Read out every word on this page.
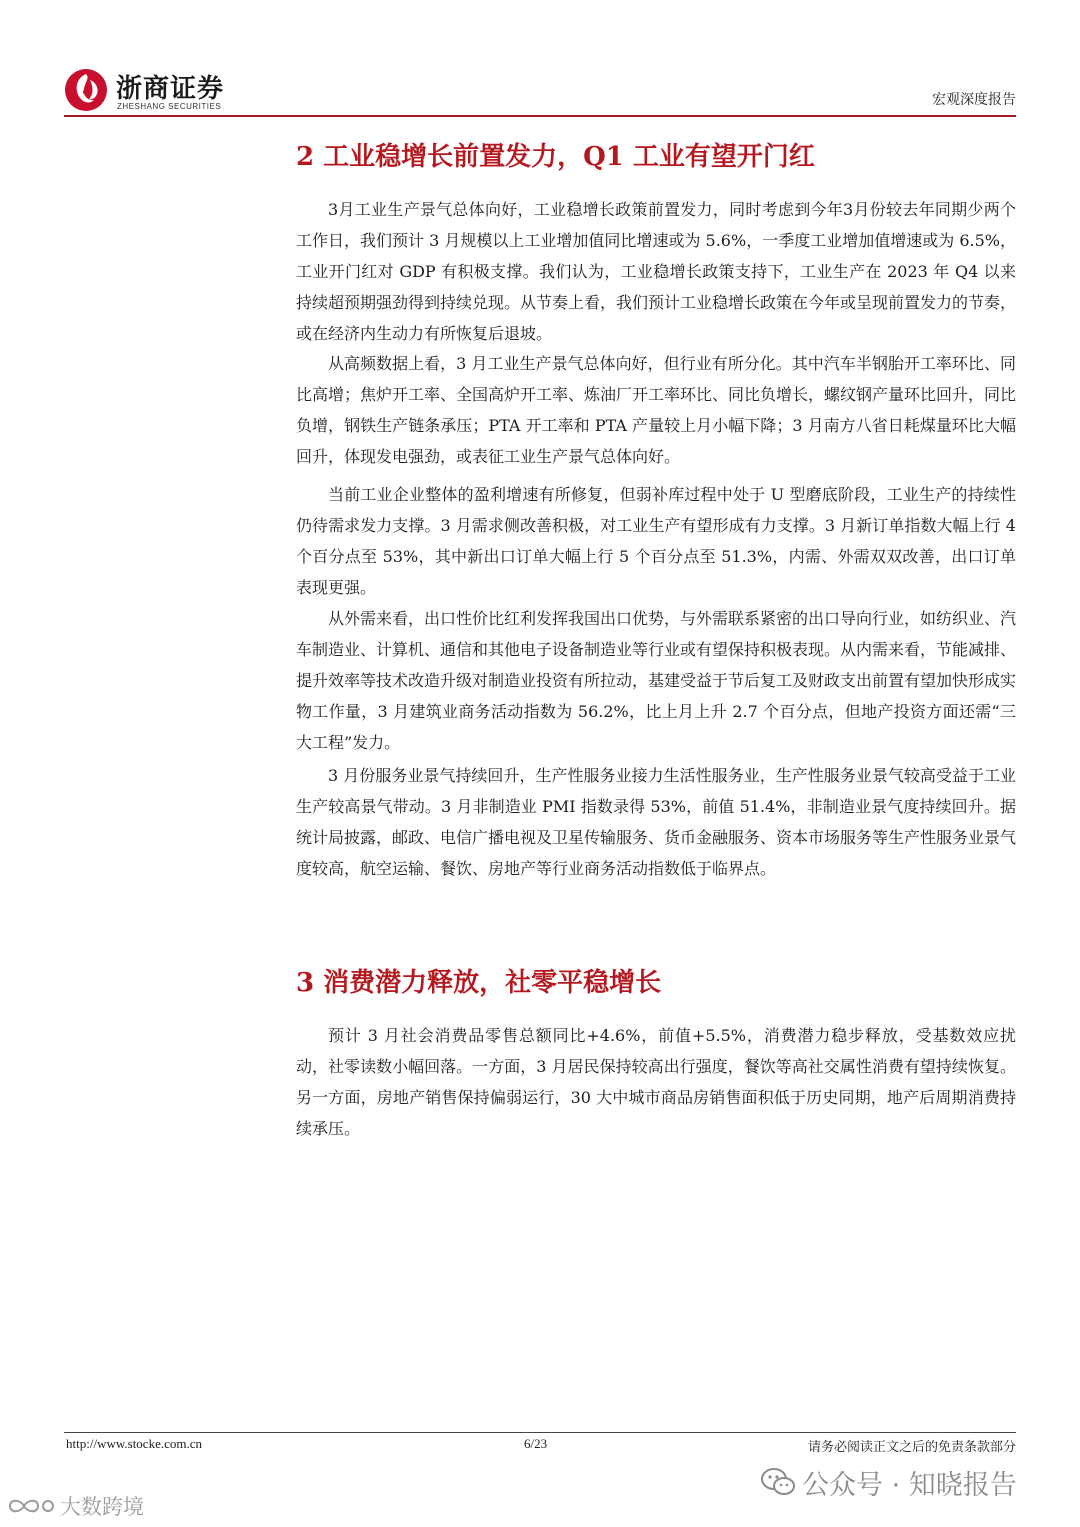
浙商证券
ZHESHANG SECURITIES	宏观深度报告
2 工业稳增长前置发力，Q1 工业有望开门红

3月工业生产景气总体向好，工业稳增长政策前置发力，同时考虑到今年3月份较去年同期少两个工作日，我们预计 3 月规模以上工业增加值同比增速或为 5.6%，一季度工业增加值增速或为 6.5%，工业开门红对 GDP 有积极支撑。我们认为，工业稳增长政策支持下，工业生产在 2023 年 Q4 以来持续超预期强劲得到持续兑现。从节奏上看，我们预计工业稳增长政策在今年或呈现前置发力的节奏，或在经济内生动力有所恢复后退坡。

从高频数据上看，3 月工业生产景气总体向好，但行业有所分化。其中汽车半钢胎开工率环比、同比高增；焦炉开工率、全国高炉开工率、炼油厂开工率环比、同比负增长，螺纹钢产量环比回升，同比负增，钢铁生产链条承压；PTA 开工率和 PTA 产量较上月小幅下降；3 月南方八省日耗煤量环比大幅回升，体现发电强劲，或表征工业生产景气总体向好。

当前工业企业整体的盈利增速有所修复，但弱补库过程中处于 U 型磨底阶段，工业生产的持续性仍待需求发力支撑。3 月需求侧改善积极，对工业生产有望形成有力支撑。3 月新订单指数大幅上行 4 个百分点至 53%，其中新出口订单大幅上行 5 个百分点至 51.3%，内需、外需双双改善，出口订单表现更强。

从外需来看，出口性价比红利发挥我国出口优势，与外需联系紧密的出口导向行业，如纺织业、汽车制造业、计算机、通信和其他电子设备制造业等行业或有望保持积极表现。从内需来看，节能减排、提升效率等技术改造升级对制造业投资有所拉动，基建受益于节后复工及财政支出前置有望加快形成实物工作量，3 月建筑业商务活动指数为 56.2%，比上月上升 2.7 个百分点，但地产投资方面还需“三大工程”发力。

3 月份服务业景气持续回升，生产性服务业接力生活性服务业，生产性服务业景气较高受益于工业生产较高景气带动。3 月非制造业 PMI 指数录得 53%，前值 51.4%，非制造业景气度持续回升。据统计局披露，邮政、电信广播电视及卫星传输服务、货币金融服务、资本市场服务等生产性服务业景气度较高，航空运输、餐饮、房地产等行业商务活动指数低于临界点。

3 消费潜力释放，社零平稳增长

预计 3 月社会消费品零售总额同比+4.6%，前值+5.5%，消费潜力稳步释放，受基数效应扰动，社零读数小幅回落。一方面，3 月居民保持较高出行强度，餐饮等高社交属性消费有望持续恢复。另一方面，房地产销售保持偏弱运行，30 大中城市商品房销售面积低于历史同期，地产后周期消费持续承压。

http://www.stocke.com.cn	6/23	请务必阅读正文之后的免责条款部分
公众号 · 知晓报告
大数跨境
